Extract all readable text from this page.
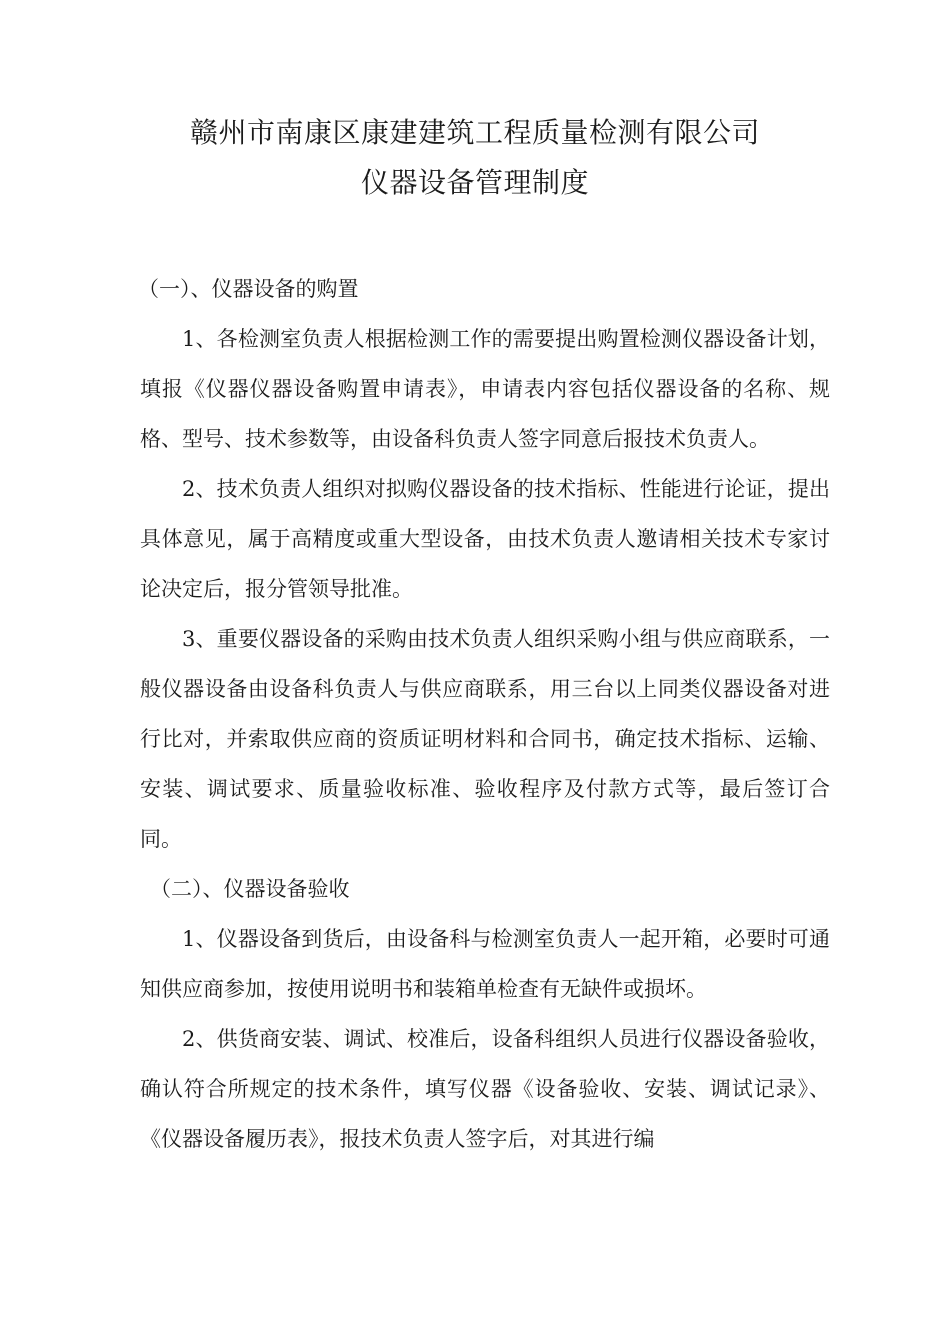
赣州市南康区康建建筑工程质量检测有限公司
仪器设备管理制度

（一）、仪器设备的购置

1、各检测室负责人根据检测工作的需要提出购置检测仪器设备计划，填报《仪器仪器设备购置申请表》，申请表内容包括仪器设备的名称、规格、型号、技术参数等，由设备科负责人签字同意后报技术负责人。

2、技术负责人组织对拟购仪器设备的技术指标、性能进行论证，提出具体意见，属于高精度或重大型设备，由技术负责人邀请相关技术专家讨论决定后，报分管领导批准。

3、重要仪器设备的采购由技术负责人组织采购小组与供应商联系，一般仪器设备由设备科负责人与供应商联系，用三台以上同类仪器设备对进行比对，并索取供应商的资质证明材料和合同书，确定技术指标、运输、安装、调试要求、质量验收标准、验收程序及付款方式等，最后签订合同。

（二）、仪器设备验收

1、仪器设备到货后，由设备科与检测室负责人一起开箱，必要时可通知供应商参加，按使用说明书和装箱单检查有无缺件或损坏。

2、供货商安装、调试、校准后，设备科组织人员进行仪器设备验收，确认符合所规定的技术条件，填写仪器《设备验收、安装、调试记录》、《仪器设备履历表》，报技术负责人签字后，对其进行编
